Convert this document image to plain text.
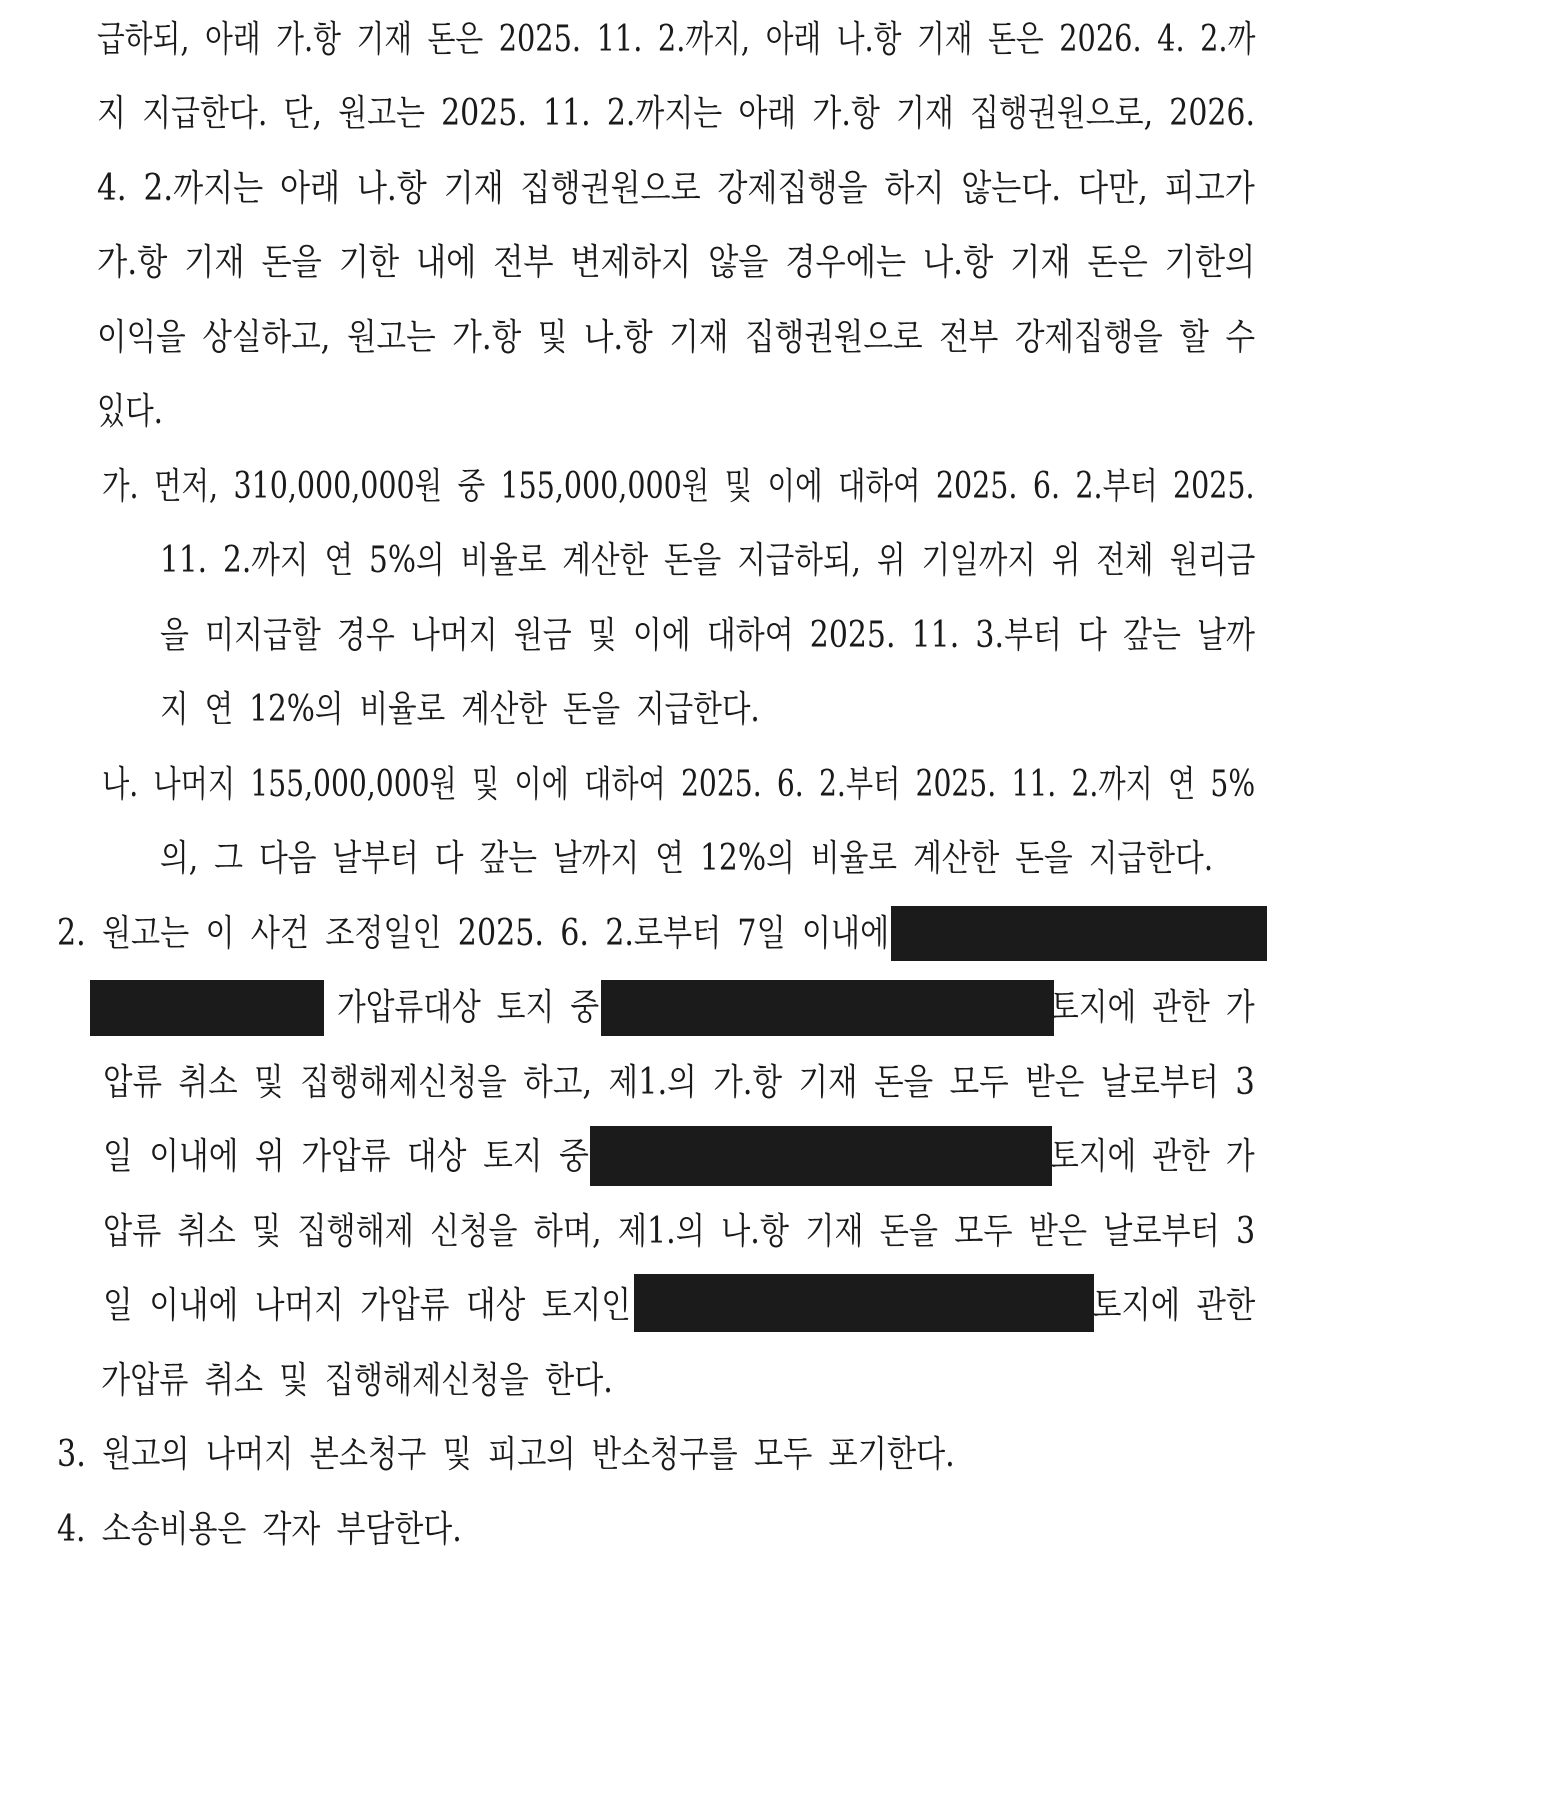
급하되, 아래 가.항 기재 돈은 2025. 11. 2.까지, 아래 나.항 기재 돈은 2026. 4. 2.까
지 지급한다. 단, 원고는 2025. 11. 2.까지는 아래 가.항 기재 집행권원으로, 2026.
4. 2.까지는 아래 나.항 기재 집행권원으로 강제집행을 하지 않는다. 다만, 피고가
가.항 기재 돈을 기한 내에 전부 변제하지 않을 경우에는 나.항 기재 돈은 기한의
이익을 상실하고, 원고는 가.항 및 나.항 기재 집행권원으로 전부 강제집행을 할 수
있다.
가. 먼저, 310,000,000원 중 155,000,000원 및 이에 대하여 2025. 6. 2.부터 2025.
11. 2.까지 연 5%의 비율로 계산한 돈을 지급하되, 위 기일까지 위 전체 원리금
을 미지급할 경우 나머지 원금 및 이에 대하여 2025. 11. 3.부터 다 갚는 날까
지 연 12%의 비율로 계산한 돈을 지급한다.
나. 나머지 155,000,000원 및 이에 대하여 2025. 6. 2.부터 2025. 11. 2.까지 연 5%
의, 그 다음 날부터 다 갚는 날까지 연 12%의 비율로 계산한 돈을 지급한다.
2. 원고는 이 사건 조정일인 2025. 6. 2.로부터 7일 이내에
가압류대상 토지 중	토지에 관한 가
압류 취소 및 집행해제신청을 하고, 제1.의 가.항 기재 돈을 모두 받은 날로부터 3
일 이내에 위 가압류 대상 토지 중	토지에 관한 가
압류 취소 및 집행해제 신청을 하며, 제1.의 나.항 기재 돈을 모두 받은 날로부터 3
일 이내에 나머지 가압류 대상 토지인	토지에 관한
가압류 취소 및 집행해제신청을 한다.
3. 원고의 나머지 본소청구 및 피고의 반소청구를 모두 포기한다.
4. 소송비용은 각자 부담한다.
